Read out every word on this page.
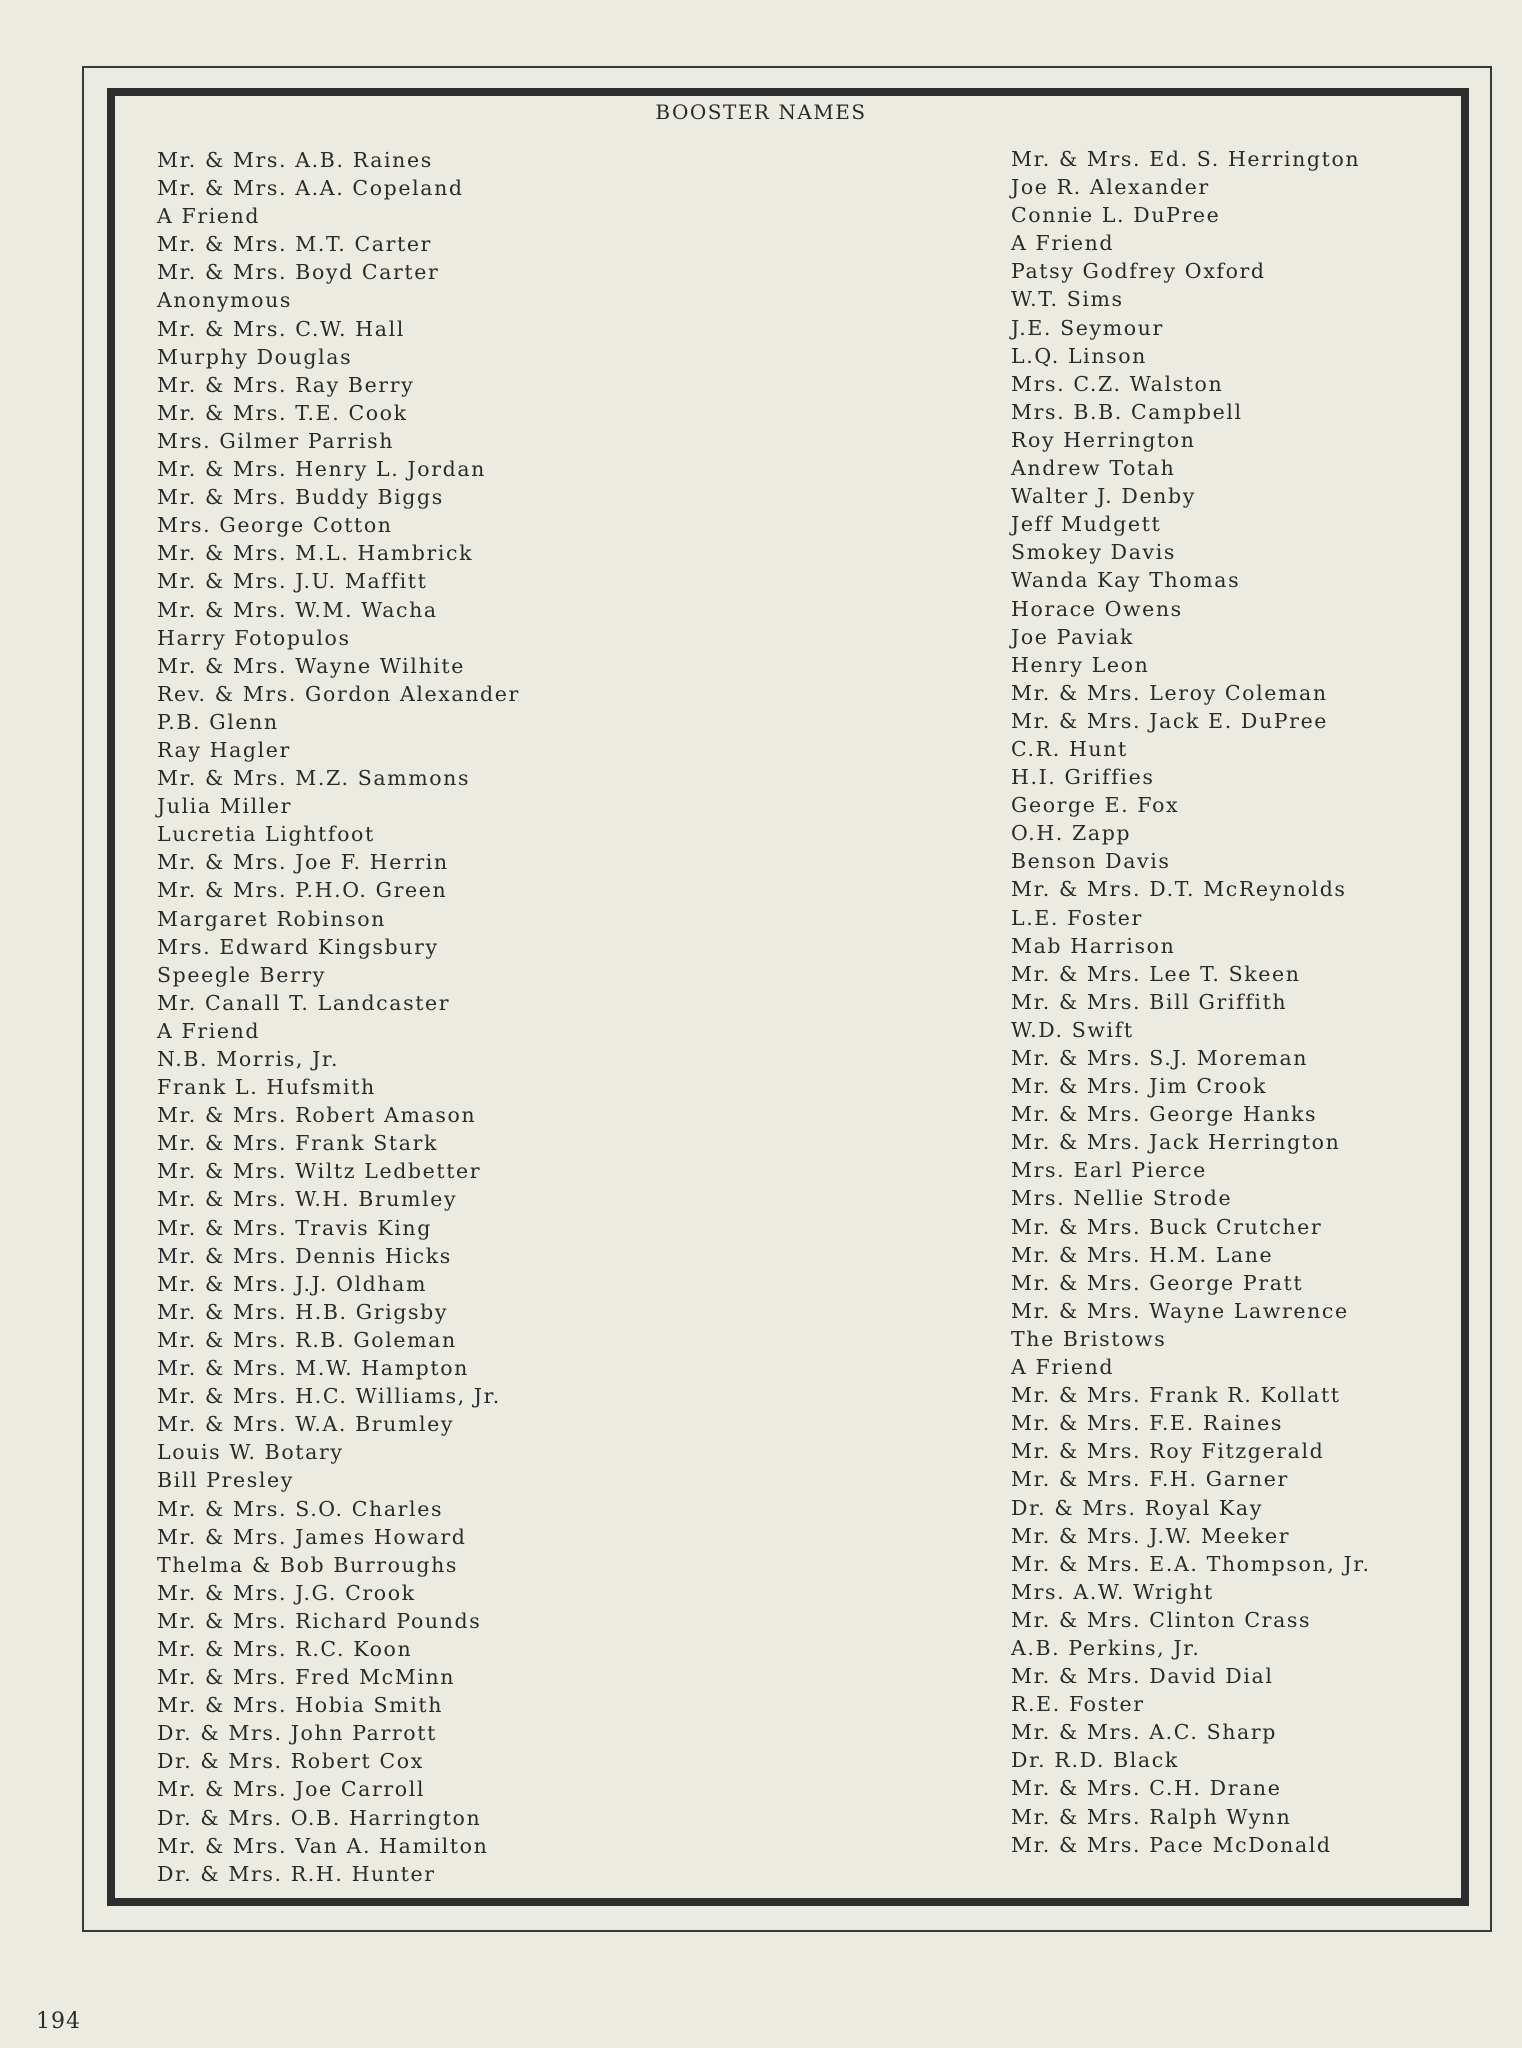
BOOSTER NAMES
Mr. & Mrs. A.B. Raines
Mr. & Mrs. A.A. Copeland
A Friend
Mr. & Mrs. M.T. Carter
Mr. & Mrs. Boyd Carter
Anonymous
Mr. & Mrs. C.W. Hall
Murphy Douglas
Mr. & Mrs. Ray Berry
Mr. & Mrs. T.E. Cook
Mrs. Gilmer Parrish
Mr. & Mrs. Henry L. Jordan
Mr. & Mrs. Buddy Biggs
Mrs. George Cotton
Mr. & Mrs. M.L. Hambrick
Mr. & Mrs. J.U. Maffitt
Mr. & Mrs. W.M. Wacha
Harry Fotopulos
Mr. & Mrs. Wayne Wilhite
Rev. & Mrs. Gordon Alexander
P.B. Glenn
Ray Hagler
Mr. & Mrs. M.Z. Sammons
Julia Miller
Lucretia Lightfoot
Mr. & Mrs. Joe F. Herrin
Mr. & Mrs. P.H.O. Green
Margaret Robinson
Mrs. Edward Kingsbury
Speegle Berry
Mr. Canall T. Landcaster
A Friend
N.B. Morris, Jr.
Frank L. Hufsmith
Mr. & Mrs. Robert Amason
Mr. & Mrs. Frank Stark
Mr. & Mrs. Wiltz Ledbetter
Mr. & Mrs. W.H. Brumley
Mr. & Mrs. Travis King
Mr. & Mrs. Dennis Hicks
Mr. & Mrs. J.J. Oldham
Mr. & Mrs. H.B. Grigsby
Mr. & Mrs. R.B. Goleman
Mr. & Mrs. M.W. Hampton
Mr. & Mrs. H.C. Williams, Jr.
Mr. & Mrs. W.A. Brumley
Louis W. Botary
Bill Presley
Mr. & Mrs. S.O. Charles
Mr. & Mrs. James Howard
Thelma & Bob Burroughs
Mr. & Mrs. J.G. Crook
Mr. & Mrs. Richard Pounds
Mr. & Mrs. R.C. Koon
Mr. & Mrs. Fred McMinn
Mr. & Mrs. Hobia Smith
Dr. & Mrs. John Parrott
Dr. & Mrs. Robert Cox
Mr. & Mrs. Joe Carroll
Dr. & Mrs. O.B. Harrington
Mr. & Mrs. Van A. Hamilton
Dr. & Mrs. R.H. Hunter
Mr. & Mrs. Ed. S. Herrington
Joe R. Alexander
Connie L. DuPree
A Friend
Patsy Godfrey Oxford
W.T. Sims
J.E. Seymour
L.Q. Linson
Mrs. C.Z. Walston
Mrs. B.B. Campbell
Roy Herrington
Andrew Totah
Walter J. Denby
Jeff Mudgett
Smokey Davis
Wanda Kay Thomas
Horace Owens
Joe Paviak
Henry Leon
Mr. & Mrs. Leroy Coleman
Mr. & Mrs. Jack E. DuPree
C.R. Hunt
H.I. Griffies
George E. Fox
O.H. Zapp
Benson Davis
Mr. & Mrs. D.T. McReynolds
L.E. Foster
Mab Harrison
Mr. & Mrs. Lee T. Skeen
Mr. & Mrs. Bill Griffith
W.D. Swift
Mr. & Mrs. S.J. Moreman
Mr. & Mrs. Jim Crook
Mr. & Mrs. George Hanks
Mr. & Mrs. Jack Herrington
Mrs. Earl Pierce
Mrs. Nellie Strode
Mr. & Mrs. Buck Crutcher
Mr. & Mrs. H.M. Lane
Mr. & Mrs. George Pratt
Mr. & Mrs. Wayne Lawrence
The Bristows
A Friend
Mr. & Mrs. Frank R. Kollatt
Mr. & Mrs. F.E. Raines
Mr. & Mrs. Roy Fitzgerald
Mr. & Mrs. F.H. Garner
Dr. & Mrs. Royal Kay
Mr. & Mrs. J.W. Meeker
Mr. & Mrs. E.A. Thompson, Jr.
Mrs. A.W. Wright
Mr. & Mrs. Clinton Crass
A.B. Perkins, Jr.
Mr. & Mrs. David Dial
R.E. Foster
Mr. & Mrs. A.C. Sharp
Dr. R.D. Black
Mr. & Mrs. C.H. Drane
Mr. & Mrs. Ralph Wynn
Mr. & Mrs. Pace McDonald
194
